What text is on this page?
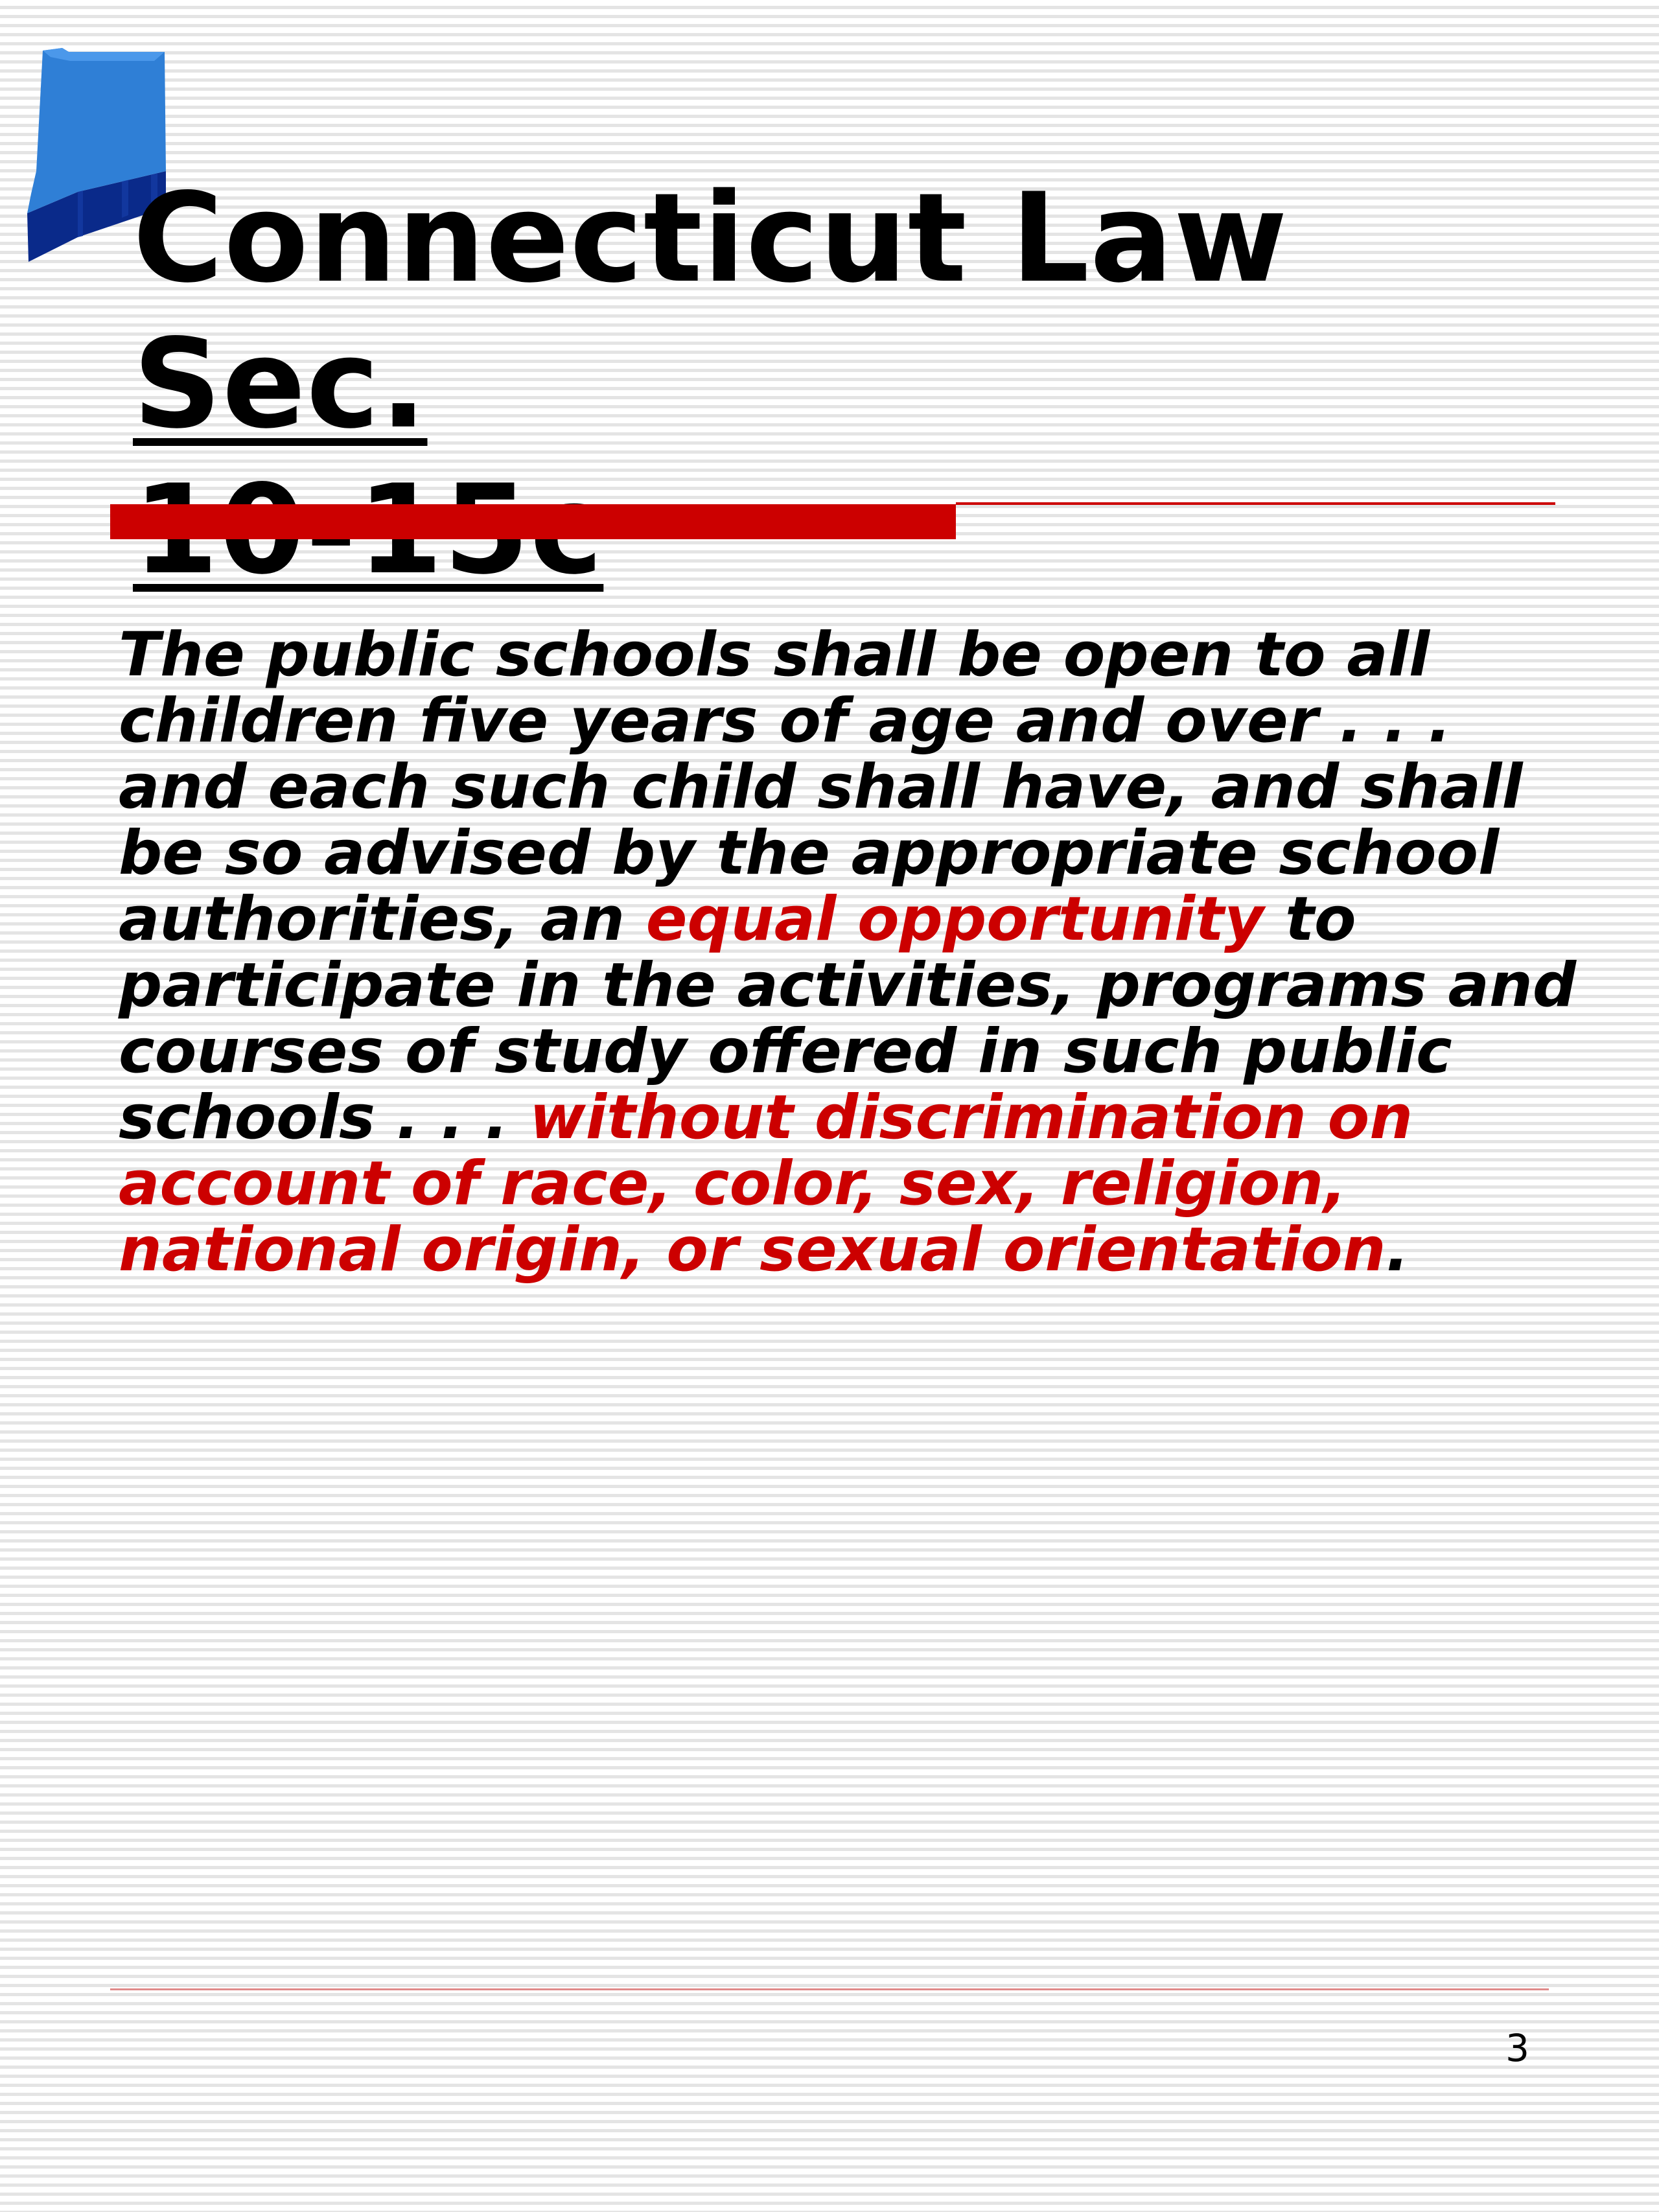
Connecticut Law Sec.

The public schools shall be open to all children five years of age and over . . . and each such child shall have, and shall be so advised by the appropriate school authorities, an equal opportunity to participate in the activities, programs and courses of study offered in such public schools . . . without discrimination on account of race, color, sex, religion, national origin, or sexual orientation.

3
